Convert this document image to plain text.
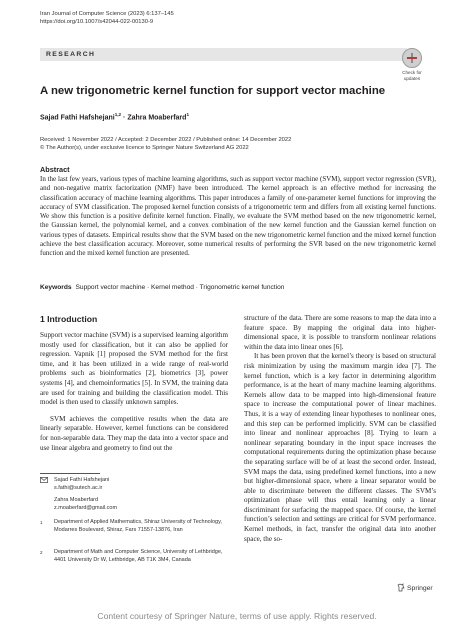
Iran Journal of Computer Science (2023) 6:137–145
https://doi.org/10.1007/s42044-022-00130-9
RESEARCH
Check for
updates
A new trigonometric kernel function for support vector machine
Sajad Fathi Hafshejani$^{1,2}$ · Zahra Moaberfard$^1$
Received: 1 November 2022 / Accepted: 2 December 2022 / Published online: 14 December 2022
© The Author(s), under exclusive licence to Springer Nature Switzerland AG 2022
Abstract
In the last few years, various types of machine learning algorithms, such as support vector machine (SVM), support vector regression (SVR), and non-negative matrix factorization (NMF) have been introduced. The kernel approach is an effective method for increasing the classification accuracy of machine learning algorithms. This paper introduces a family of one-parameter kernel functions for improving the accuracy of SVM classification. The proposed kernel function consists of a trigonometric term and differs from all existing kernel functions. We show this function is a positive definite kernel function. Finally, we evaluate the SVM method based on the new trigonometric kernel, the Gaussian kernel, the polynomial kernel, and a convex combination of the new kernel function and the Gaussian kernel function on various types of datasets. Empirical results show that the SVM based on the new trigonometric kernel function and the mixed kernel function achieve the best classification accuracy. Moreover, some numerical results of performing the SVR based on the new trigonometric kernel function and the mixed kernel function are presented.
Keywords Support vector machine · Kernel method · Trigonometric kernel function
1 Introduction

Support vector machine (SVM) is a supervised learning algorithm mostly used for classification, but it can also be applied for regression. Vapnik [1] proposed the SVM method for the first time, and it has been utilized in a wide range of real-world problems such as bioinformatics [2], biometrics [3], power systems [4], and chemoinformatics [5]. In SVM, the training data are used for training and building the classification model. This model is then used to classify unknown samples.

SVM achieves the competitive results when the data are linearly separable. However, kernel functions can be considered for non-separable data. They map the data into a vector space and use linear algebra and geometry to find out the

structure of the data. There are some reasons to map the data into a feature space. By mapping the original data into higher-dimensional space, it is possible to transform nonlinear relations within the data into linear ones [6].

It has been proven that the kernel’s theory is based on structural risk minimization by using the maximum margin idea [7]. The kernel function, which is a key factor in determining algorithm performance, is at the heart of many machine learning algorithms. Kernels allow data to be mapped into high-dimensional feature space to increase the computational power of linear machines. Thus, it is a way of extending linear hypotheses to nonlinear ones, and this step can be performed implicitly. SVM can be classified into linear and nonlinear approaches [8]. Trying to learn a nonlinear separating boundary in the input space increases the computational requirements during the optimization phase because the separating surface will be of at least the second order. Instead, SVM maps the data, using predefined kernel functions, into a new but higher-dimensional space, where a linear separator would be able to discriminate between the different classes. The SVM’s optimization phase will thus entail learning only a linear discriminant for surfacing the mapped space. Of course, the kernel function’s selection and settings are critical for SVM performance. Kernel methods, in fact, transfer the original data into another space, the so-

Sajad Fathi Hafshejani
s.fathi@sutech.ac.ir
Zahra Moaberfard
z.moaberfard@gmail.com
1 Department of Applied Mathematics, Shiraz University of Technology, Modarres Boulevard, Shiraz, Fars 71557-13876, Iran
2 Department of Math and Computer Science, University of Lethbridge, 4401 University Dr W, Lethbridge, AB T1K 3M4, Canada
Springer
Content courtesy of Springer Nature, terms of use apply. Rights reserved.
